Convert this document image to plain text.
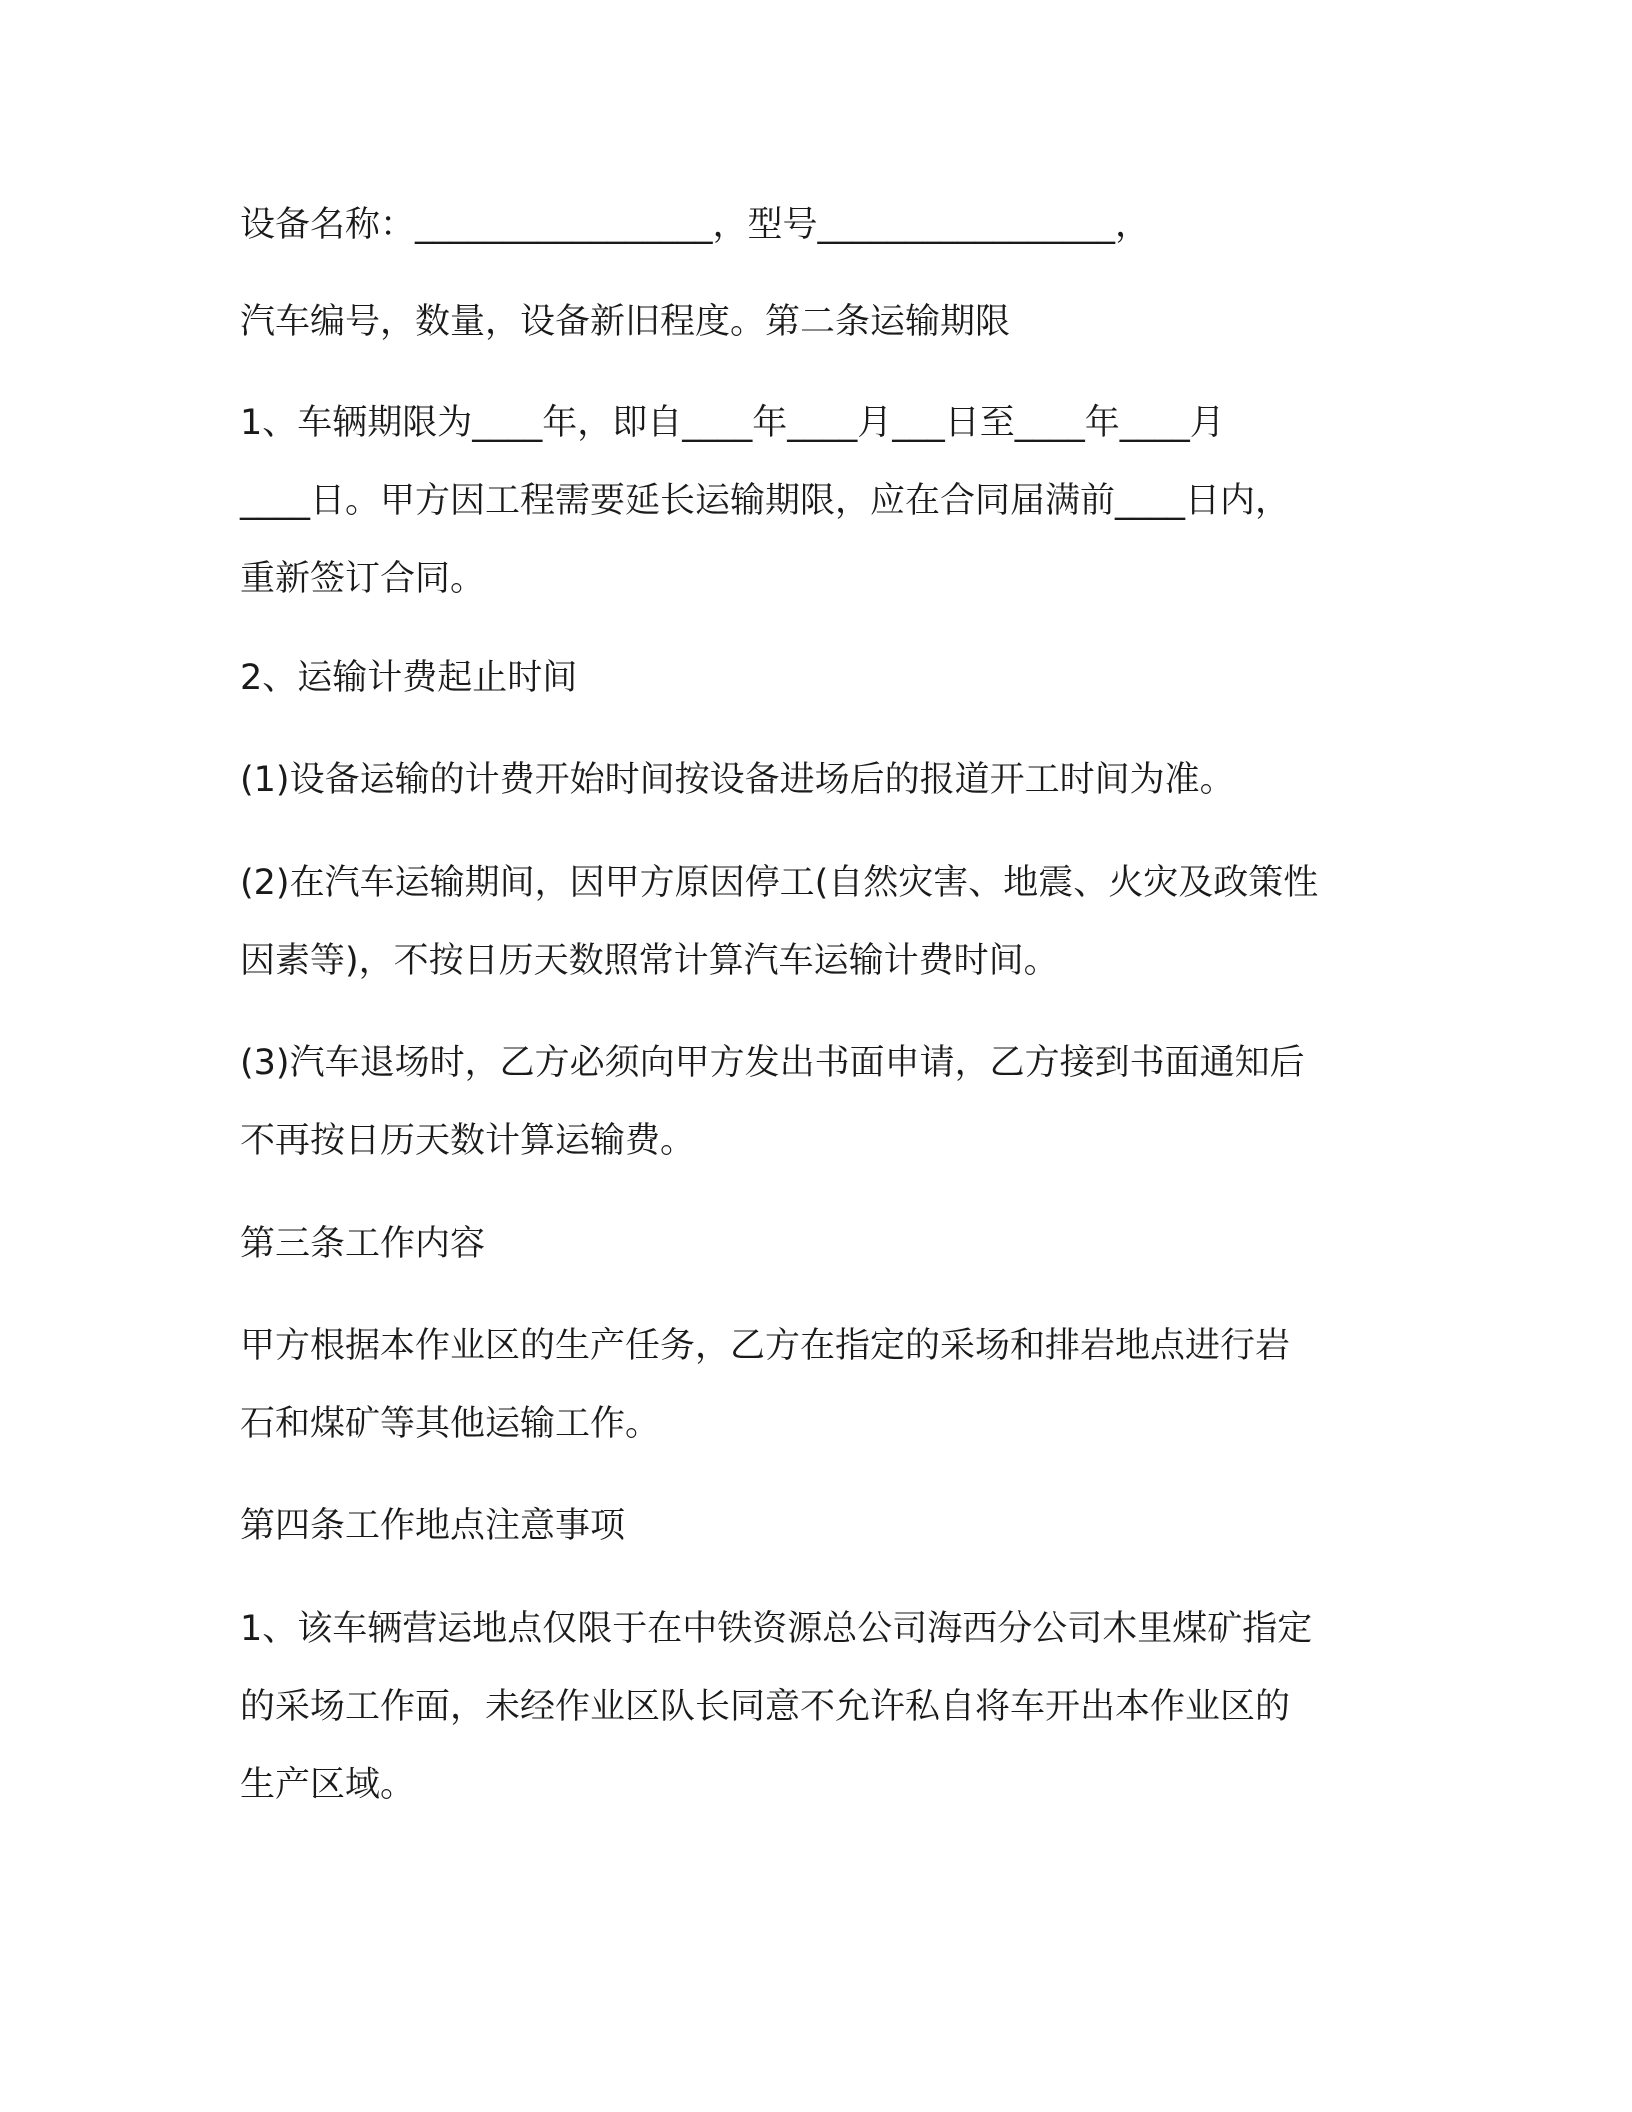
设备名称：_________________，型号_________________，

汽车编号，数量，设备新旧程度。第二条运输期限

1、车辆期限为____年，即自____年____月___日至____年____月
____日。甲方因工程需要延长运输期限，应在合同届满前____日内，
重新签订合同。

2、运输计费起止时间

(1)设备运输的计费开始时间按设备进场后的报道开工时间为准。

(2)在汽车运输期间，因甲方原因停工(自然灾害、地震、火灾及政策性
因素等)，不按日历天数照常计算汽车运输计费时间。

(3)汽车退场时，乙方必须向甲方发出书面申请，乙方接到书面通知后
不再按日历天数计算运输费。

第三条工作内容

甲方根据本作业区的生产任务，乙方在指定的采场和排岩地点进行岩
石和煤矿等其他运输工作。

第四条工作地点注意事项

1、该车辆营运地点仅限于在中铁资源总公司海西分公司木里煤矿指定
的采场工作面，未经作业区队长同意不允许私自将车开出本作业区的
生产区域。
